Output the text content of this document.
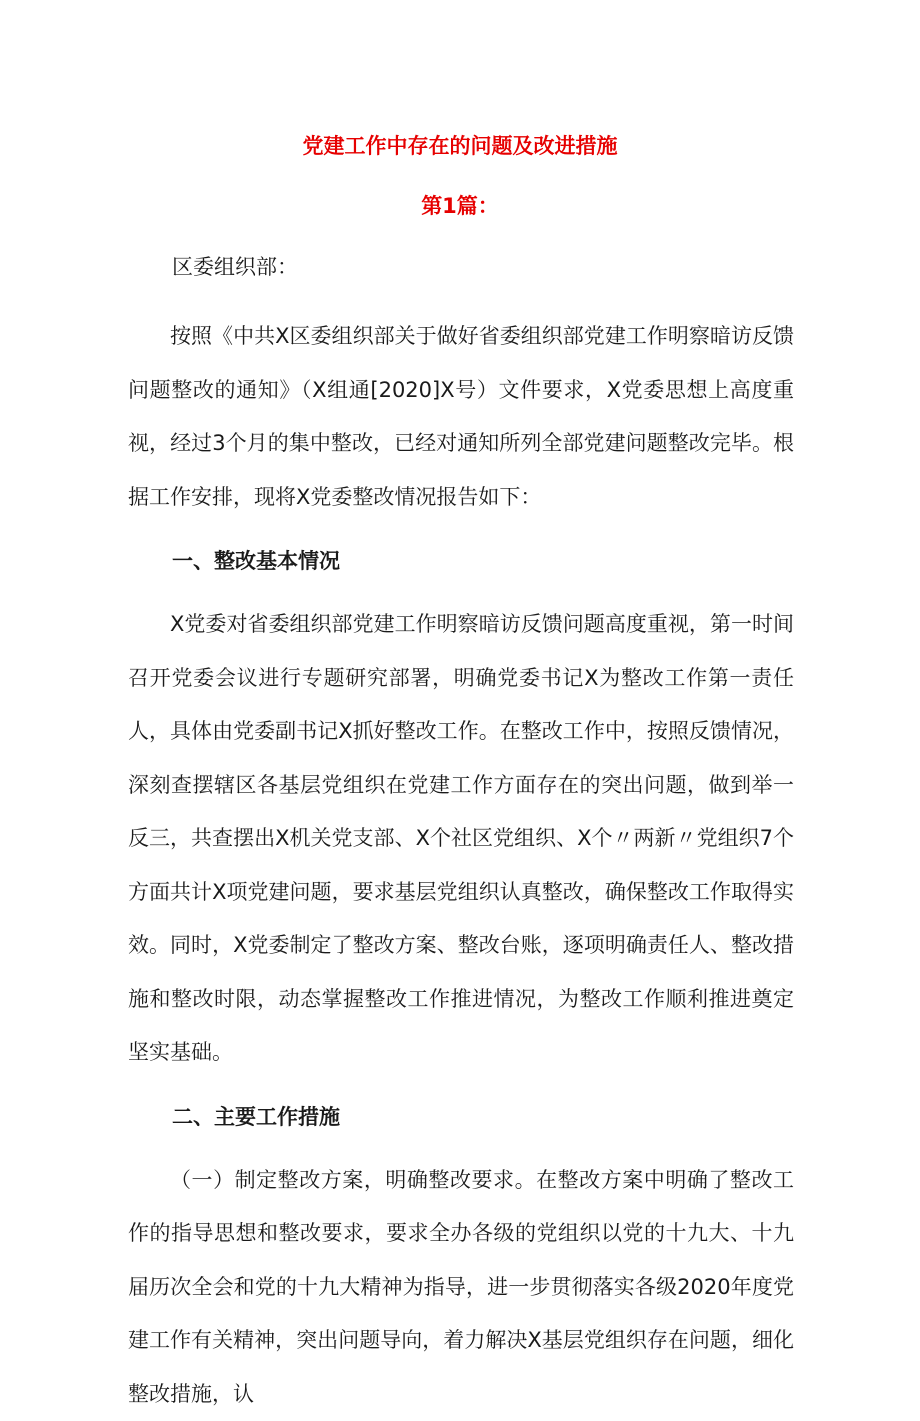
党建工作中存在的问题及改进措施
第1篇：

区委组织部：

按照《中共X区委组织部关于做好省委组织部党建工作明察暗访反馈问题整改的通知》（X组通[2020]X号）文件要求，X党委思想上高度重视，经过3个月的集中整改，已经对通知所列全部党建问题整改完毕。根据工作安排，现将X党委整改情况报告如下：

一、整改基本情况

X党委对省委组织部党建工作明察暗访反馈问题高度重视，第一时间召开党委会议进行专题研究部署，明确党委书记X为整改工作第一责任人，具体由党委副书记X抓好整改工作。在整改工作中，按照反馈情况，深刻查摆辖区各基层党组织在党建工作方面存在的突出问题，做到举一反三，共查摆出X机关党支部、X个社区党组织、X个〃两新〃党组织7个方面共计X项党建问题，要求基层党组织认真整改，确保整改工作取得实效。同时，X党委制定了整改方案、整改台账，逐项明确责任人、整改措施和整改时限，动态掌握整改工作推进情况，为整改工作顺利推进奠定坚实基础。

二、主要工作措施

（一）制定整改方案，明确整改要求。在整改方案中明确了整改工作的指导思想和整改要求，要求全办各级的党组织以党的十九大、十九届历次全会和党的十九大精神为指导，进一步贯彻落实各级2020年度党建工作有关精神，突出问题导向，着力解决X基层党组织存在问题，细化整改措施，认
